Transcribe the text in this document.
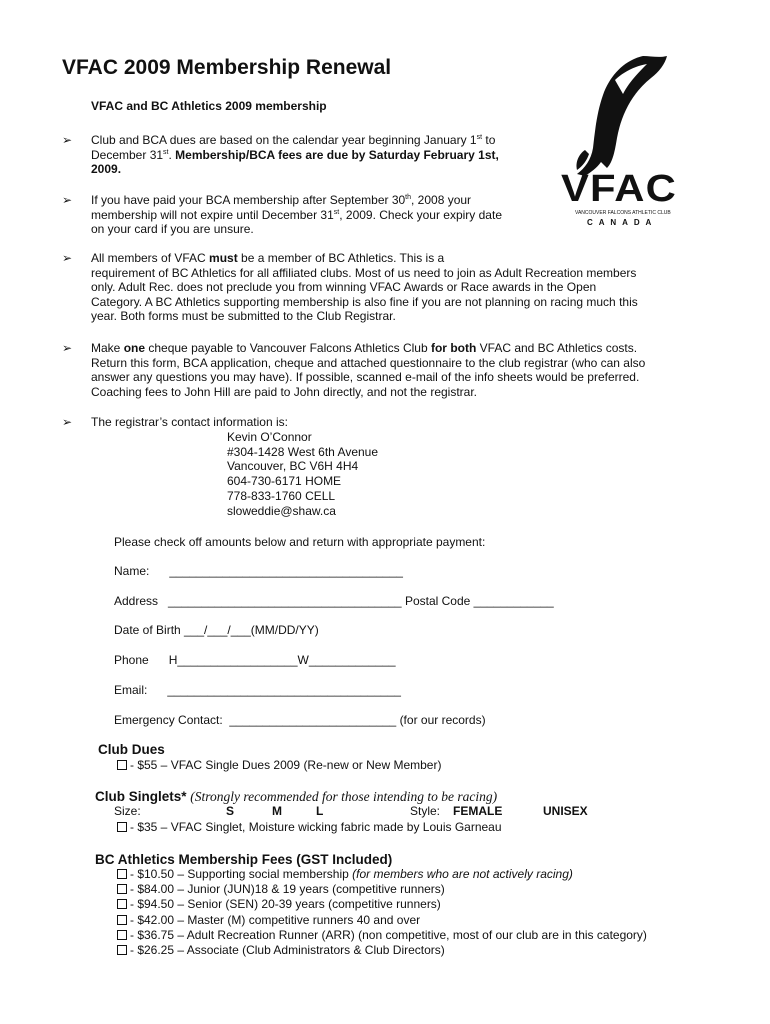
VFAC 2009 Membership Renewal
VFAC and BC Athletics 2009 membership
VFAC
VANCOUVER FALCONS ATHLETIC CLUB
C A N A D A
➢ Club and BCA dues are based on the calendar year beginning January 1st to
December 31st. Membership/BCA fees are due by Saturday February 1st,
2009.
➢ If you have paid your BCA membership after September 30th, 2008 your
membership will not expire until December 31st, 2009. Check your expiry date
on your card if you are unsure.
➢ All members of VFAC must be a member of BC Athletics. This is a
requirement of BC Athletics for all affiliated clubs. Most of us need to join as Adult Recreation members
only. Adult Rec. does not preclude you from winning VFAC Awards or Race awards in the Open
Category. A BC Athletics supporting membership is also fine if you are not planning on racing much this
year. Both forms must be submitted to the Club Registrar.
➢ Make one cheque payable to Vancouver Falcons Athletics Club for both VFAC and BC Athletics costs.
Return this form, BCA application, cheque and attached questionnaire to the club registrar (who can also
answer any questions you may have). If possible, scanned e-mail of the info sheets would be preferred.
Coaching fees to John Hill are paid to John directly, and not the registrar.
➢ The registrar’s contact information is:
Kevin O’Connor
#304-1428 West 6th Avenue
Vancouver, BC V6H 4H4
604-730-6171 HOME
778-833-1760 CELL
sloweddie@shaw.ca
Please check off amounts below and return with appropriate payment:
Name:      ___________________________________
Address   ___________________________________ Postal Code ____________
Date of Birth ___/___/___(MM/DD/YY)
Phone      H__________________W_____________
Email:      ___________________________________
Emergency Contact:  _________________________ (for our records)
Club Dues
- $55 – VFAC Single Dues 2009 (Re-new or New Member)
Club Singlets* (Strongly recommended for those intending to be racing)
Size:	S	M	L	Style: FEMALE	UNISEX
- $35 – VFAC Singlet, Moisture wicking fabric made by Louis Garneau
BC Athletics Membership Fees (GST Included)
- $10.50 – Supporting social membership (for members who are not actively racing)
- $84.00 – Junior (JUN)18 & 19 years (competitive runners)
- $94.50 – Senior (SEN) 20-39 years (competitive runners)
- $42.00 – Master (M) competitive runners 40 and over
- $36.75 – Adult Recreation Runner (ARR) (non competitive, most of our club are in this category)
- $26.25 – Associate (Club Administrators & Club Directors)
